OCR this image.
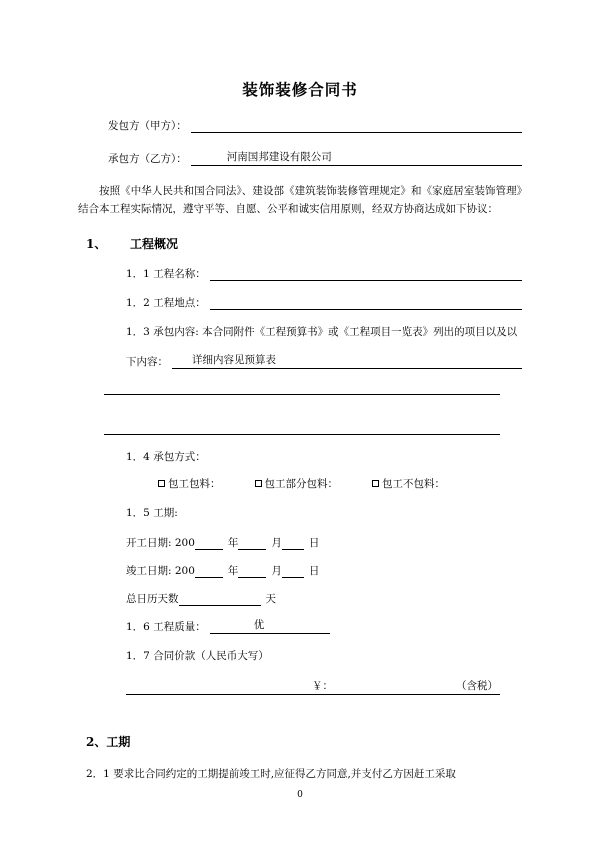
装饰装修合同书
发包方（甲方）：
承包方（乙方）：	河南国邦建设有限公司
按照《中华人民共和国合同法》、建设部《建筑装饰装修管理规定》和《家庭居室装饰管理》结合本工程实际情况，遵守平等、自愿、公平和诚实信用原则，经双方协商达成如下协议：
1、	工程概况
1．1 工程名称：
1．2 工程地点：
1．3 承包内容: 本合同附件《工程预算书》或《工程项目一览表》列出的项目以及以
下内容： 详细内容见预算表
1．4 承包方式：
包工包料：	包工部分包料：	包工不包料：
1．5 工期:
开工日期: 200	年	月	日
竣工日期: 200	年	月	日
总日历天数	天
1．6 工程质量：	优
1．7 合同价款（人民币大写）
￥：	（含税）
2、工期
2．1 要求比合同约定的工期提前竣工时,应征得乙方同意,并支付乙方因赶工采取
0
